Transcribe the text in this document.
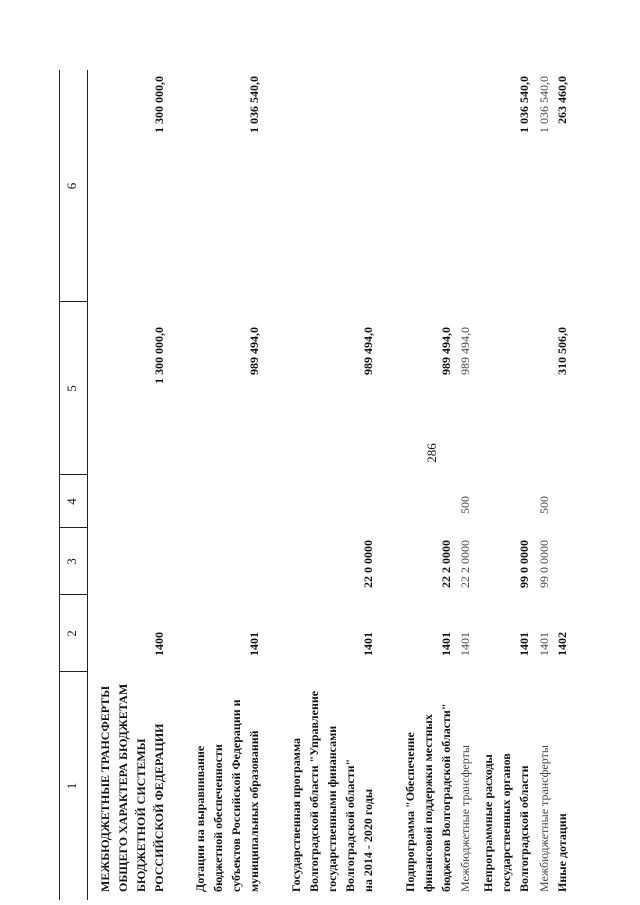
286
1
2
3
4
5
6
МЕЖБЮДЖЕТНЫЕ ТРАНСФЕРТЫ ОБЩЕГО ХАРАКТЕРА БЮДЖЕТАМ БЮДЖЕТНОЙ СИСТЕМЫ РОССИЙСКОЙ ФЕДЕРАЦИИ
1400
1 300 000,0
1 300 000,0
Дотации на выравнивание бюджетной обеспеченности субъектов Российской Федерации и муниципальных образований
1401
989 494,0
1 036 540,0
Государственная программа Волгоградской области "Управление государственными финансами Волгоградской области" на 2014 - 2020 годы
1401
22 0 0000
989 494,0
Подпрограмма "Обеспечение финансовой поддержки местных бюджетов Волгоградской области"
1401
22 2 0000
989 494,0
Межбюджетные трансферты
1401
22 2 0000
500
989 494,0
Непрограммные расходы государственных органов Волгоградской области
1401
99 0 0000
1 036 540,0
Межбюджетные трансферты
1401
99 0 0000
500
1 036 540,0
Иные дотации
1402
310 506,0
263 460,0
